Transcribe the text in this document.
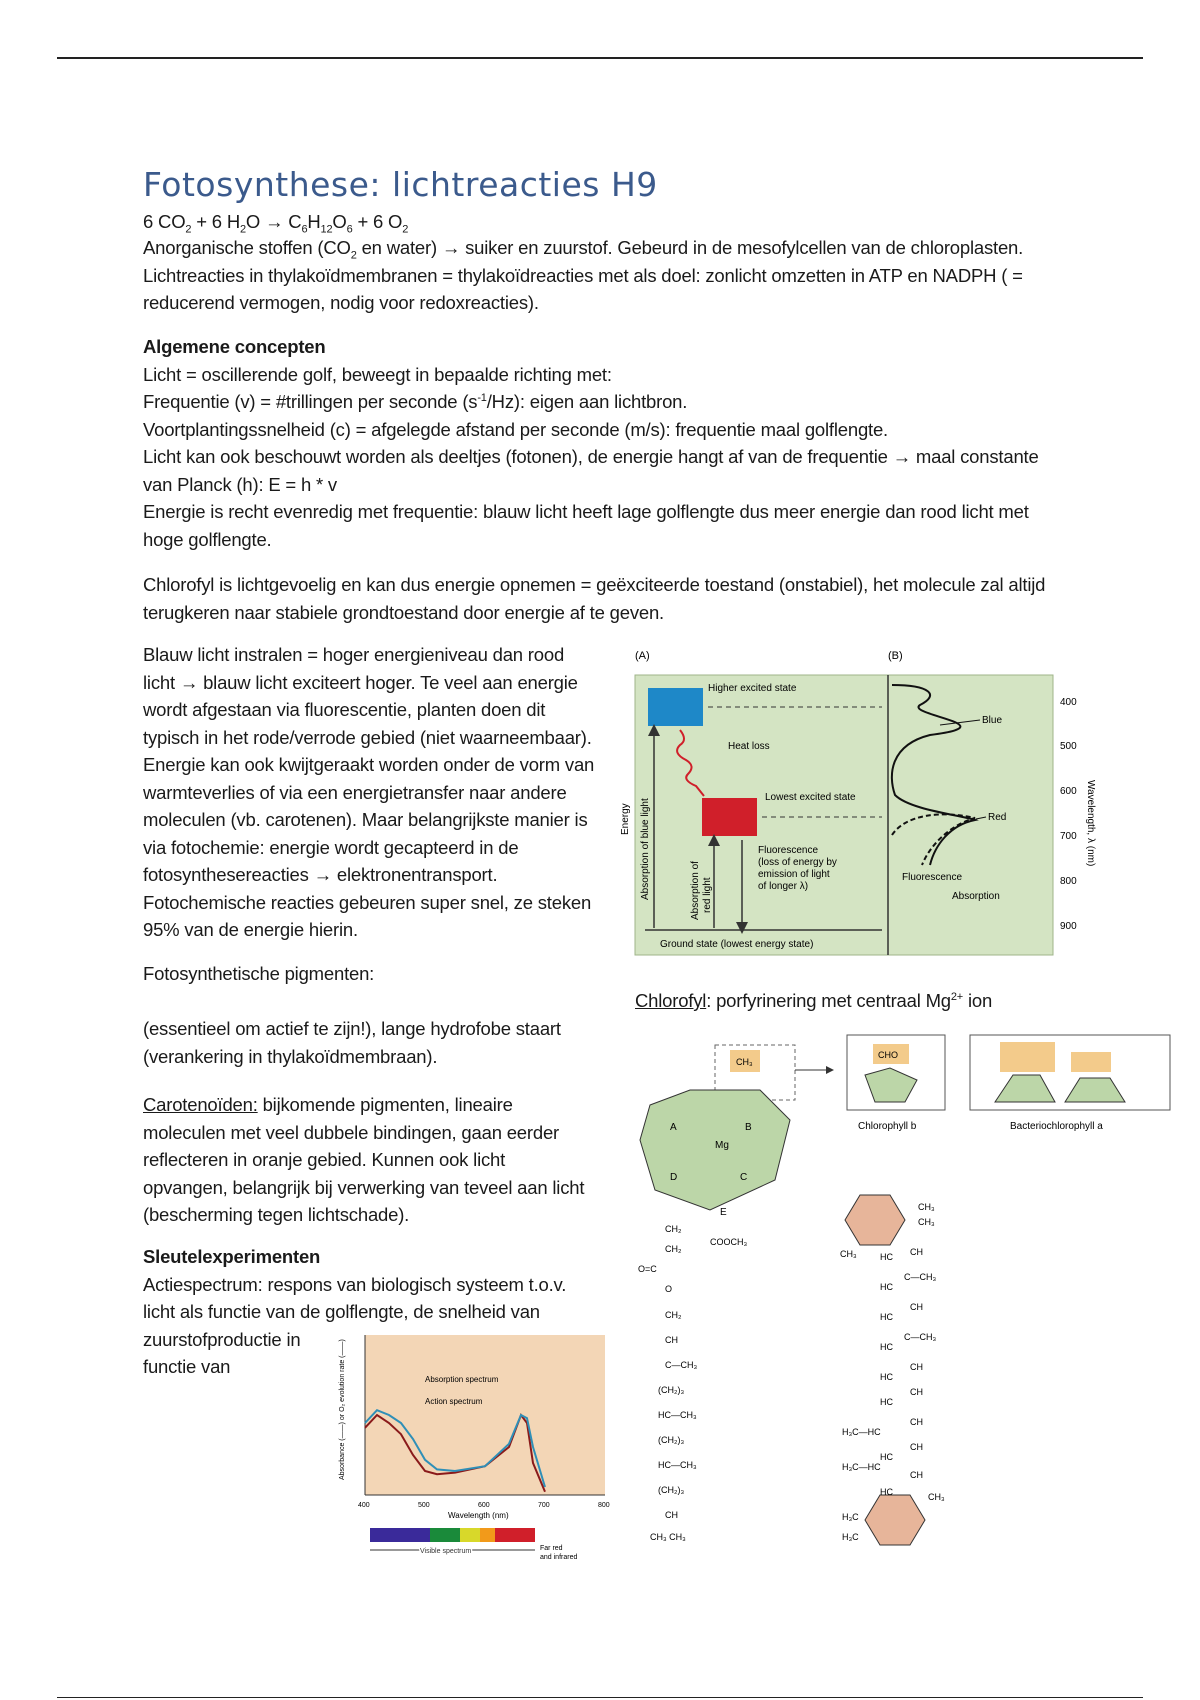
Fotosynthese: lichtreacties H9
6 $CO_2 + 6$ $H_2O \to C_6H_{12}O_6 + 6$ $O_2$
Anorganische stoffen ($CO_2$ en water) → suiker en zuurstof. Gebeurd in de mesofylcellen van de chloroplasten.
Lichtreacties in thylakoïdmembranen = thylakoïdreacties met als doel: zonlicht omzetten in ATP en NADPH ( =
reducerend vermogen, nodig voor redoxreacties).
Algemene concepten
Licht = oscillerende golf, beweegt in bepaalde richting met:
Frequentie (v) = #trillingen per seconde $(s^{-1}/Hz)$: eigen aan lichtbron.
Voortplantingssnelheid (c) = afgelegde afstand per seconde (m/s): frequentie maal golflengte.
Licht kan ook beschouwt worden als deeltjes (fotonen), de energie hangt af van de frequentie → maal constante
van Planck (h): E = h * v
Energie is recht evenredig met frequentie: blauw licht heeft lage golflengte dus meer energie dan rood licht met
hoge golflengte.
Chlorofyl is lichtgevoelig en kan dus energie opnemen = geëxciteerde toestand (onstabiel), het molecule zal altijd
terugkeren naar stabiele grondtoestand door energie af te geven.
Blauw licht instralen = hoger energieniveau dan rood
licht → blauw licht exciteert hoger. Te veel aan energie
wordt afgestaan via fluorescentie, planten doen dit
typisch in het rode/verrode gebied (niet waarneembaar).
Energie kan ook kwijtgeraakt worden onder de vorm van
warmteverlies of via een energietransfer naar andere
moleculen (vb. carotenen). Maar belangrijkste manier is
via fotochemie: energie wordt gecapteerd in de
fotosynthesereacties → elektronentransport.
Fotochemische reacties gebeuren super snel, ze steken
95% van de energie hierin.
Fotosynthetische pigmenten:
(essentieel om actief te zijn!), lange hydrofobe staart
(verankering in thylakoïdmembraan).
Carotenoïden: bijkomende pigmenten, lineaire
moleculen met veel dubbele bindingen, gaan eerder
reflecteren in oranje gebied. Kunnen ook licht
opvangen, belangrijk bij verwerking van teveel aan licht
(bescherming tegen lichtschade).
Sleutelexperimenten
Actiespectrum: respons van biologisch systeem t.o.v.
licht als functie van de golflengte, de snelheid van
zuurstofproductie in
functie van
Chlorofyl: porfyrinering met centraal $Mg^{2+}$ ion
(A)	(B)
Higher excited state
Heat loss
Lowest excited state
Fluorescence
(loss of energy by
emission of light
of longer λ)
Ground state (lowest energy state)
Energy Absorption of blue light	Absorption of red light
Blue
Red
Fluorescence
Absorption
400
500
600
700
800
900
Wavelength, λ (nm)
Absorbance (——) or O₂ evolution rate (——)
Wavelength (nm)
Absorption spectrum
Action spectrum
400	500	600	700	800
Visible spectrum	Far red
and infrared
CH₃
Mg
A	B
C
D
E
COOCH₃
CH₂
CH₂
O=C
O
CH₂
CH
C—CH₃
(CH₂)₃
HC—CH₃
(CH₂)₃
HC—CH₃
(CH₂)₃
CH
CH₃ CH₃
CHO
Chlorophyll b	Bacteriochlorophyll a
CH₃
CH₃
CH₃	HC CH
HC
C—CH₃
HC
CH
HC
C—CH₃
HC
CH
HC
CH
H₃C—HC
CH
HC
CH
H₃C—HC
CH
HC	CH₃
H₃C
H₃C
